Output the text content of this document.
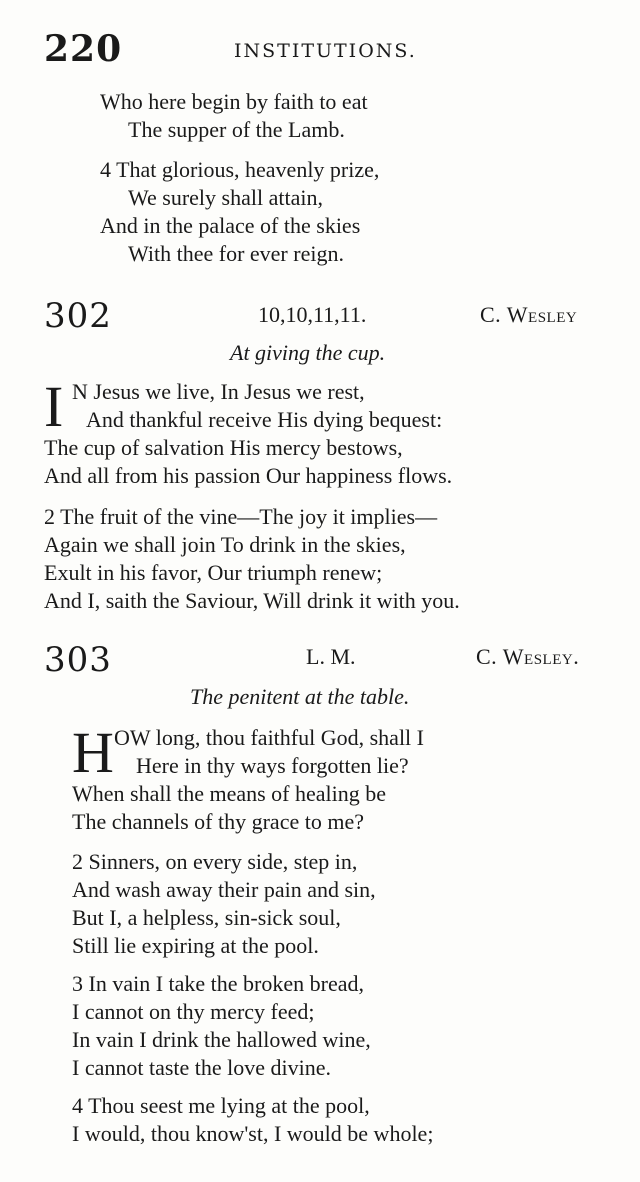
220	INSTITUTIONS.
Who here begin by faith to eat
The supper of the Lamb.
4 That glorious, heavenly prize,
We surely shall attain,
And in the palace of the skies
With thee for ever reign.
302	10,10,11,11.	C. Wesley
At giving the cup.
I N Jesus we live, In Jesus we rest,
And thankful receive His dying bequest:
The cup of salvation His mercy bestows,
And all from his passion Our happiness flows.
2 The fruit of the vine—The joy it implies—
Again we shall join To drink in the skies,
Exult in his favor, Our triumph renew;
And I, saith the Saviour, Will drink it with you.
303	L. M.	C. Wesley.
The penitent at the table.
H OW long, thou faithful God, shall I
Here in thy ways forgotten lie?
When shall the means of healing be
The channels of thy grace to me?
2 Sinners, on every side, step in,
And wash away their pain and sin,
But I, a helpless, sin-sick soul,
Still lie expiring at the pool.
3 In vain I take the broken bread,
I cannot on thy mercy feed;
In vain I drink the hallowed wine,
I cannot taste the love divine.
4 Thou seest me lying at the pool,
I would, thou know'st, I would be whole;
